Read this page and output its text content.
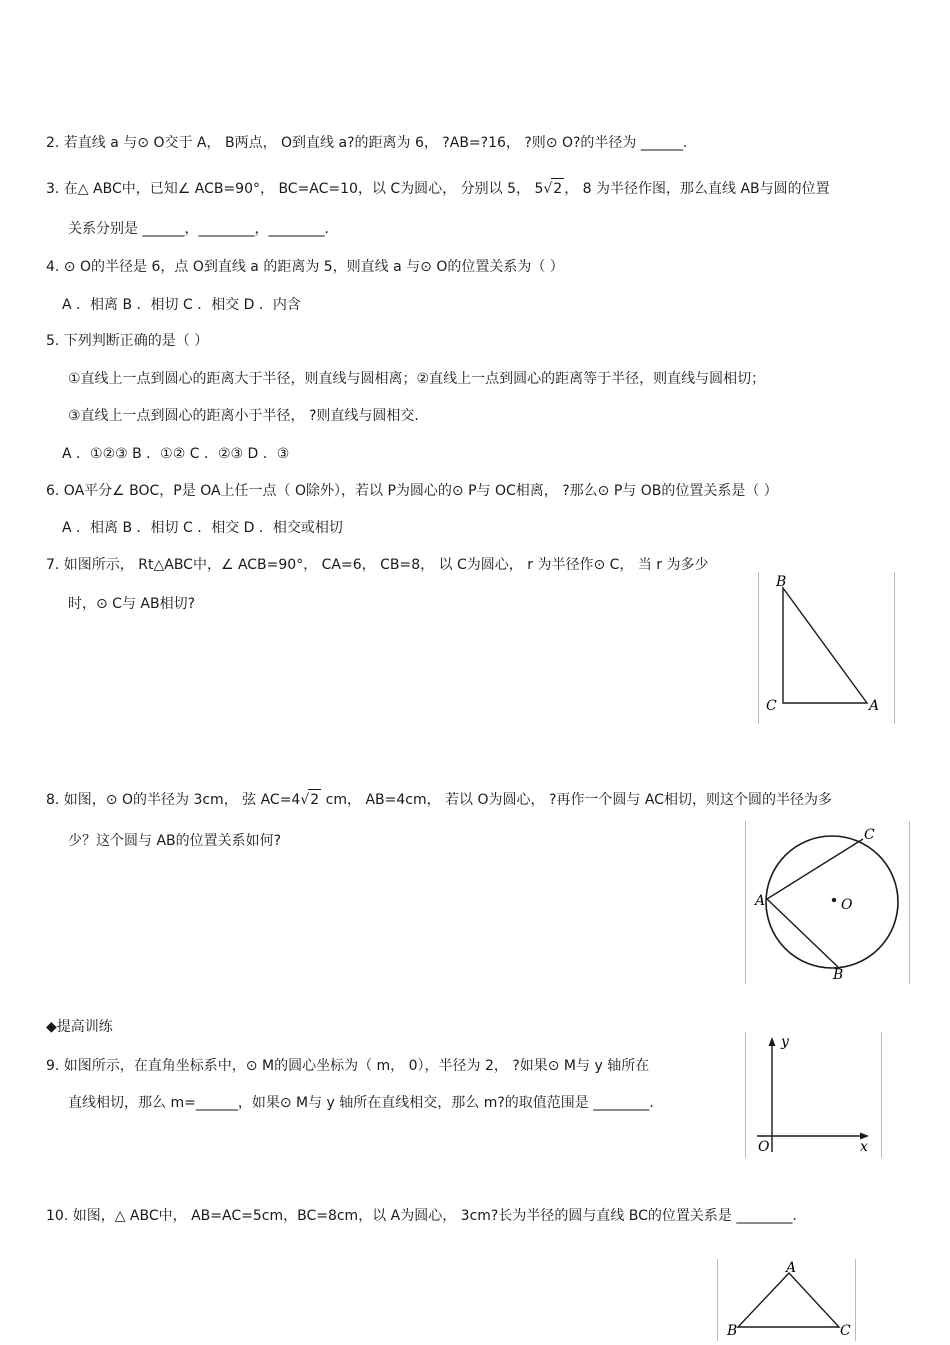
2. 若直线 a 与⊙ O交于 A， B两点， O到直线 a?的距离为 6， ?AB=?16， ?则⊙ O?的半径为 ______.
3. 在△ ABC中，已知∠ ACB=90°， BC=AC=10，以 C为圆心， 分别以 5， 5√2 ， 8 为半径作图，那么直线 AB与圆的位置
关系分别是 ______，________，________.
4. ⊙ O的半径是 6，点 O到直线 a 的距离为 5，则直线 a 与⊙ O的位置关系为（ ）
A ．相离 B ．相切 C ．相交 D ．内含
5. 下列判断正确的是（ ）
①直线上一点到圆心的距离大于半径，则直线与圆相离；②直线上一点到圆心的距离等于半径，则直线与圆相切；
③直线上一点到圆心的距离小于半径， ?则直线与圆相交.
A ．①②③ B ．①② C ．②③ D ．③
6. OA平分∠ BOC，P是 OA上任一点（ O除外），若以 P为圆心的⊙ P与 OC相离， ?那么⊙ P与 OB的位置关系是（ ）
A ．相离 B ．相切 C ．相交 D ．相交或相切
7. 如图所示， Rt△ABC中，∠ ACB=90°， CA=6， CB=8， 以 C为圆心， r 为半径作⊙ C， 当 r 为多少
时，⊙ C与 AB相切?
B
C	A
8. 如图，⊙ O的半径为 3cm， 弦 AC=4√2 cm， AB=4cm， 若以 O为圆心， ?再作一个圆与 AC相切，则这个圆的半径为多
少？这个圆与 AB的位置关系如何?
A
C
O
B
◆提高训练
9. 如图所示，在直角坐标系中，⊙ M的圆心坐标为（ m， 0），半径为 2， ?如果⊙ M与 y 轴所在
直线相切，那么 m=______，如果⊙ M与 y 轴所在直线相交，那么 m?的取值范围是 ________.
y
O	x
10. 如图，△ ABC中， AB=AC=5cm，BC=8cm，以 A为圆心， 3cm?长为半径的圆与直线 BC的位置关系是 ________.
A
B	C
